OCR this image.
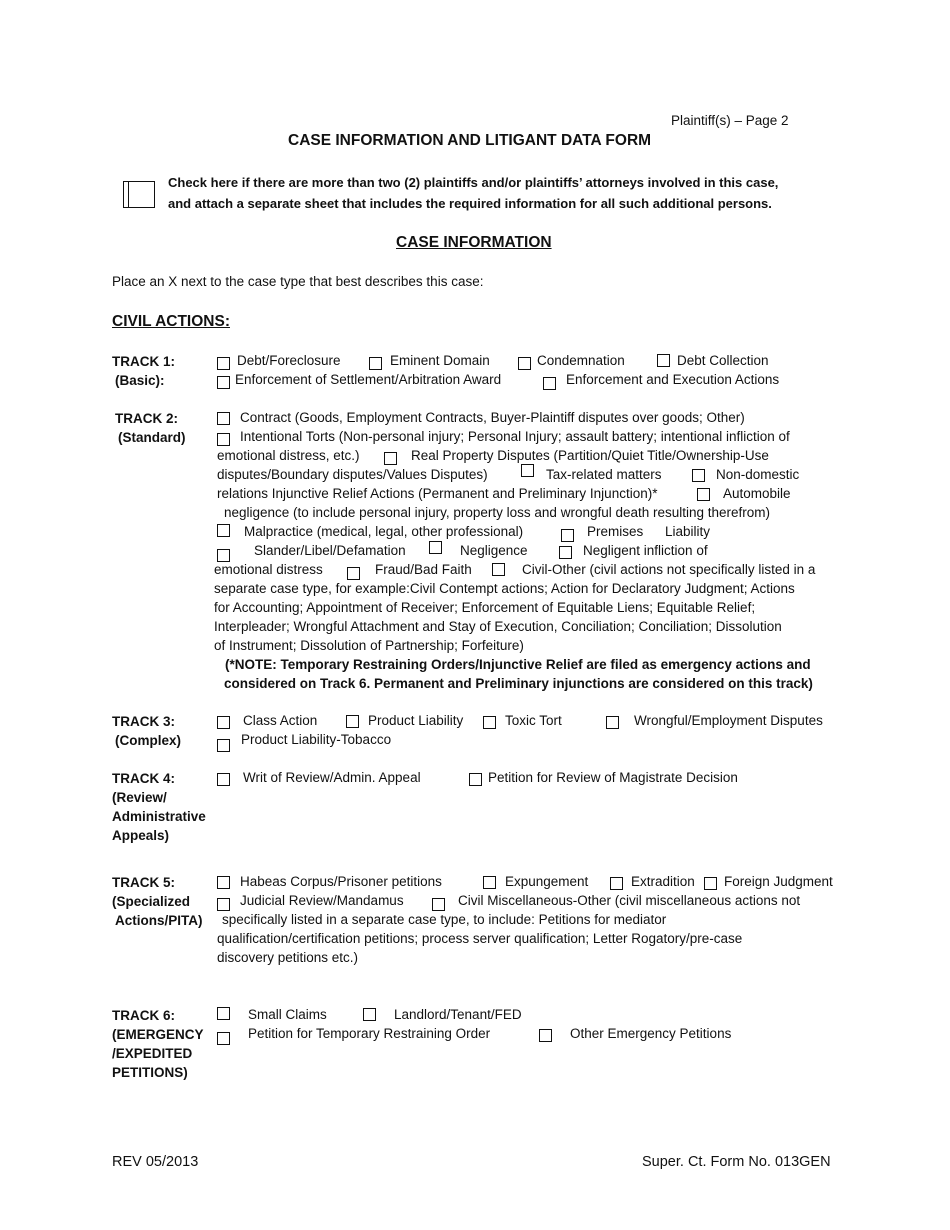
Plaintiff(s) – Page 2
CASE INFORMATION AND LITIGANT DATA FORM
Check here if there are more than two (2) plaintiffs and/or plaintiffs’ attorneys involved in this case,
and attach a separate sheet that includes the required information for all such additional persons.
CASE INFORMATION
Place an X next to the case type that best describes this case:
CIVIL ACTIONS:
TRACK 1:
(Basic):
Debt/Foreclosure	Eminent Domain	Condemnation	Debt Collection
Enforcement of Settlement/Arbitration Award	Enforcement and Execution Actions
TRACK 2:
(Standard)
Contract (Goods, Employment Contracts, Buyer-Plaintiff disputes over goods; Other)
Intentional Torts (Non-personal injury; Personal Injury; assault battery; intentional infliction of
emotional distress, etc.)	Real Property Disputes (Partition/Quiet Title/Ownership-Use
disputes/Boundary disputes/Values Disputes)	Tax-related matters	Non-domestic
relations Injunctive Relief Actions (Permanent and Preliminary Injunction)*	Automobile
negligence (to include personal injury, property loss and wrongful death resulting therefrom)
Malpractice (medical, legal, other professional)	Premises Liability
Slander/Libel/Defamation	Negligence	Negligent infliction of
emotional distress	Fraud/Bad Faith	Civil-Other (civil actions not specifically listed in a
separate case type, for example:Civil Contempt actions; Action for Declaratory Judgment; Actions
for Accounting; Appointment of Receiver; Enforcement of Equitable Liens; Equitable Relief;
Interpleader; Wrongful Attachment and Stay of Execution, Conciliation; Conciliation; Dissolution
of Instrument; Dissolution of Partnership; Forfeiture)
(*NOTE: Temporary Restraining Orders/Injunctive Relief are filed as emergency actions and
considered on Track 6. Permanent and Preliminary injunctions are considered on this track)
TRACK 3:
(Complex)
Class Action	Product Liability	Toxic Tort	Wrongful/Employment Disputes
Product Liability-Tobacco
TRACK 4:
(Review/
Administrative
Appeals)
Writ of Review/Admin. Appeal	Petition for Review of Magistrate Decision
TRACK 5:
(Specialized
Actions/PITA)
Habeas Corpus/Prisoner petitions	Expungement	Extradition Foreign Judgment
Judicial Review/Mandamus	Civil Miscellaneous-Other (civil miscellaneous actions not
specifically listed in a separate case type, to include: Petitions for mediator
qualification/certification petitions; process server qualification; Letter Rogatory/pre-case
discovery petitions etc.)
TRACK 6:
(EMERGENCY
/EXPEDITED
PETITIONS)
Small Claims	Landlord/Tenant/FED
Petition for Temporary Restraining Order	Other Emergency Petitions
REV 05/2013	Super. Ct. Form No. 013GEN
